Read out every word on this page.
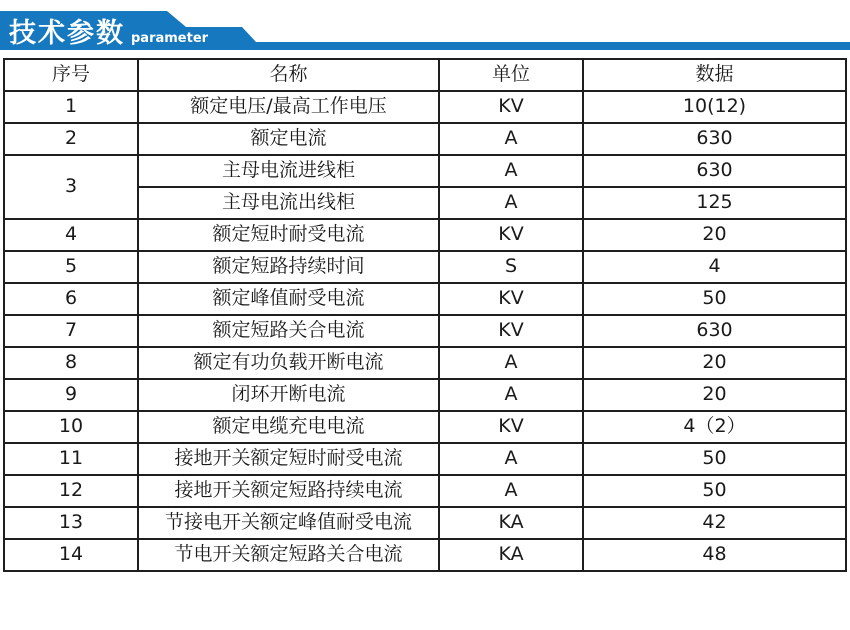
技术参数 parameter
序号	名称	单位	数据
1	额定电压/最高工作电压	KV	10(12)
2	额定电流	A	630
3	主母电流进线柜	A	630
	主母电流出线柜	A	125
4	额定短时耐受电流	KV	20
5	额定短路持续时间	S	4
6	额定峰值耐受电流	KV	50
7	额定短路关合电流	KV	630
8	额定有功负载开断电流	A	20
9	闭环开断电流	A	20
10	额定电缆充电电流	KV	4（2）
11	接地开关额定短时耐受电流	A	50
12	接地开关额定短路持续电流	A	50
13	节接电开关额定峰值耐受电流	KA	42
14	节电开关额定短路关合电流	KA	48
